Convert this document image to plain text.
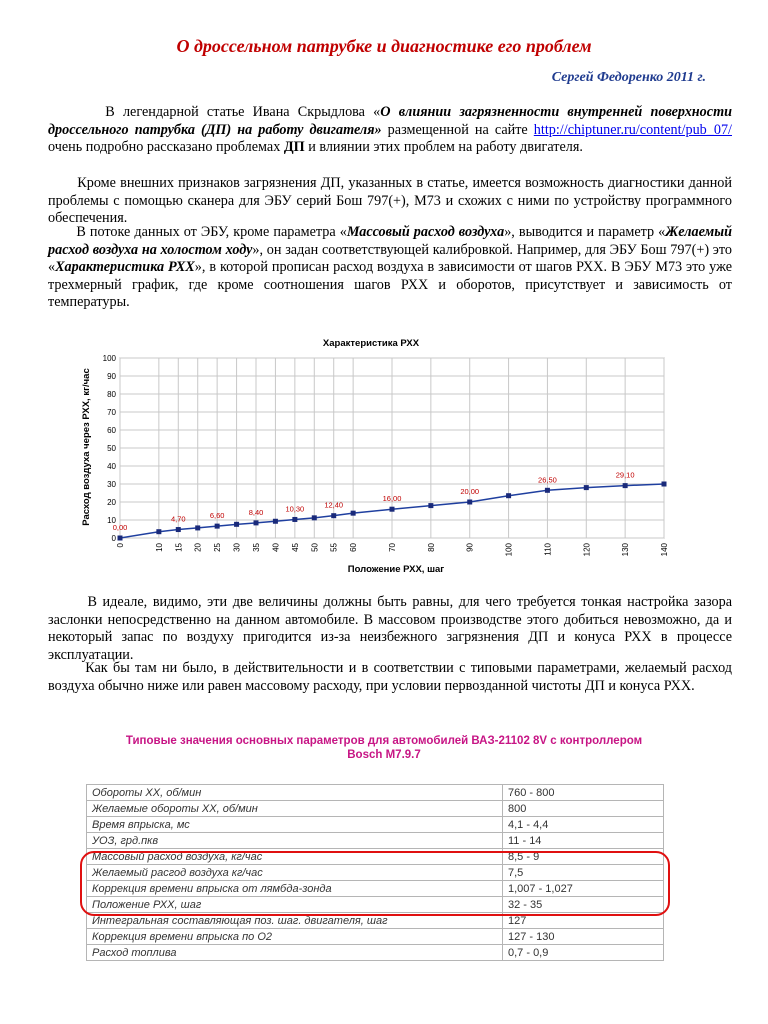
О дроссельном патрубке и диагностике его проблем
Сергей Федоренко 2011 г.
В легендарной статье Ивана Скрыдлова «О влиянии загрязненности внутренней поверхности дроссельного патрубка (ДП) на работу двигателя» размещенной на сайте http://chiptuner.ru/content/pub_07/ очень подробно рассказано проблемах ДП и влиянии этих проблем на работу двигателя.
Кроме внешних признаков загрязнения ДП, указанных в статье, имеется возможность диагностики данной проблемы с помощью сканера для ЭБУ серий Бош 797(+), М73 и схожих с ними по устройству программного обеспечения.
В потоке данных от ЭБУ, кроме параметра «Массовый расход воздуха», выводится и параметр «Желаемый расход воздуха на холостом ходу», он задан соответствующей калибровкой. Например, для ЭБУ Бош 797(+) это «Характеристика РХХ», в которой прописан расход воздуха в зависимости от шагов РХХ. В ЭБУ М73 это уже трехмерный график, где кроме соотношения шагов РХХ и оборотов, присутствует и зависимость от температуры.
Характеристика РХХ
Положение РХХ, шаг
Расход воздуха через РХХ, кг/час
0
10
20
30
40
50
60
70
80
90
100
0	10 15 20 25 30 35 40 45 50 55 60	70	80	90	100	110	120	130	140
0,00
4,70	6,60	8,40	10,30	12,40
16,00
20,00
26,50
29,10
В идеале, видимо, эти две величины должны быть равны, для чего требуется тонкая настройка зазора заслонки непосредственно на данном автомобиле. В массовом производстве этого добиться невозможно, да и некоторый запас по воздуху пригодится из-за неизбежного загрязнения ДП и конуса РХХ в процессе эксплуатации.
Как бы там ни было, в действительности и в соответствии с типовыми параметрами, желаемый расход воздуха обычно ниже или равен массовому расходу, при условии первозданной чистоты ДП и конуса РХХ.
Типовые значения основных параметров для автомобилей ВАЗ-21102 8V с контроллером
Bosch M7.9.7
Обороты ХХ, об/мин	760 - 800
Желаемые обороты ХХ, об/мин	800
Время впрыска, мс	4,1 - 4,4
УОЗ, грд.пкв	11 - 14
Массовый расход воздуха, кг/час	8,5 - 9
Желаемый расгод воздуха кг/час	7,5
Коррекция времени впрыска от лямбда-зонда	1,007 - 1,027
Положение РХХ, шаг	32 - 35
Интегральная составляющая поз. шаг. двигателя, шаг	127
Коррекция времени впрыска по О2	127 - 130
Расход топлива	0,7 - 0,9
